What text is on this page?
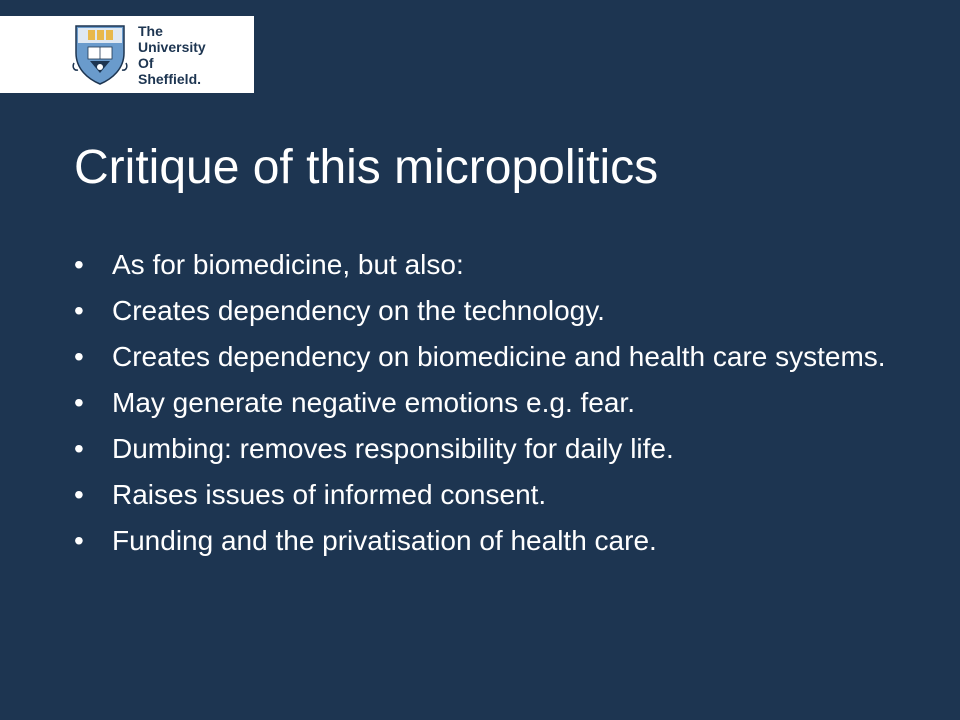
The
University
Of
Sheffield.
Critique of this micropolitics
• As for biomedicine, but also:
• Creates dependency on the technology.
• Creates dependency on biomedicine and health care systems.
• May generate negative emotions e.g. fear.
• Dumbing: removes responsibility for daily life.
• Raises issues of informed consent.
• Funding and the privatisation of health care.
